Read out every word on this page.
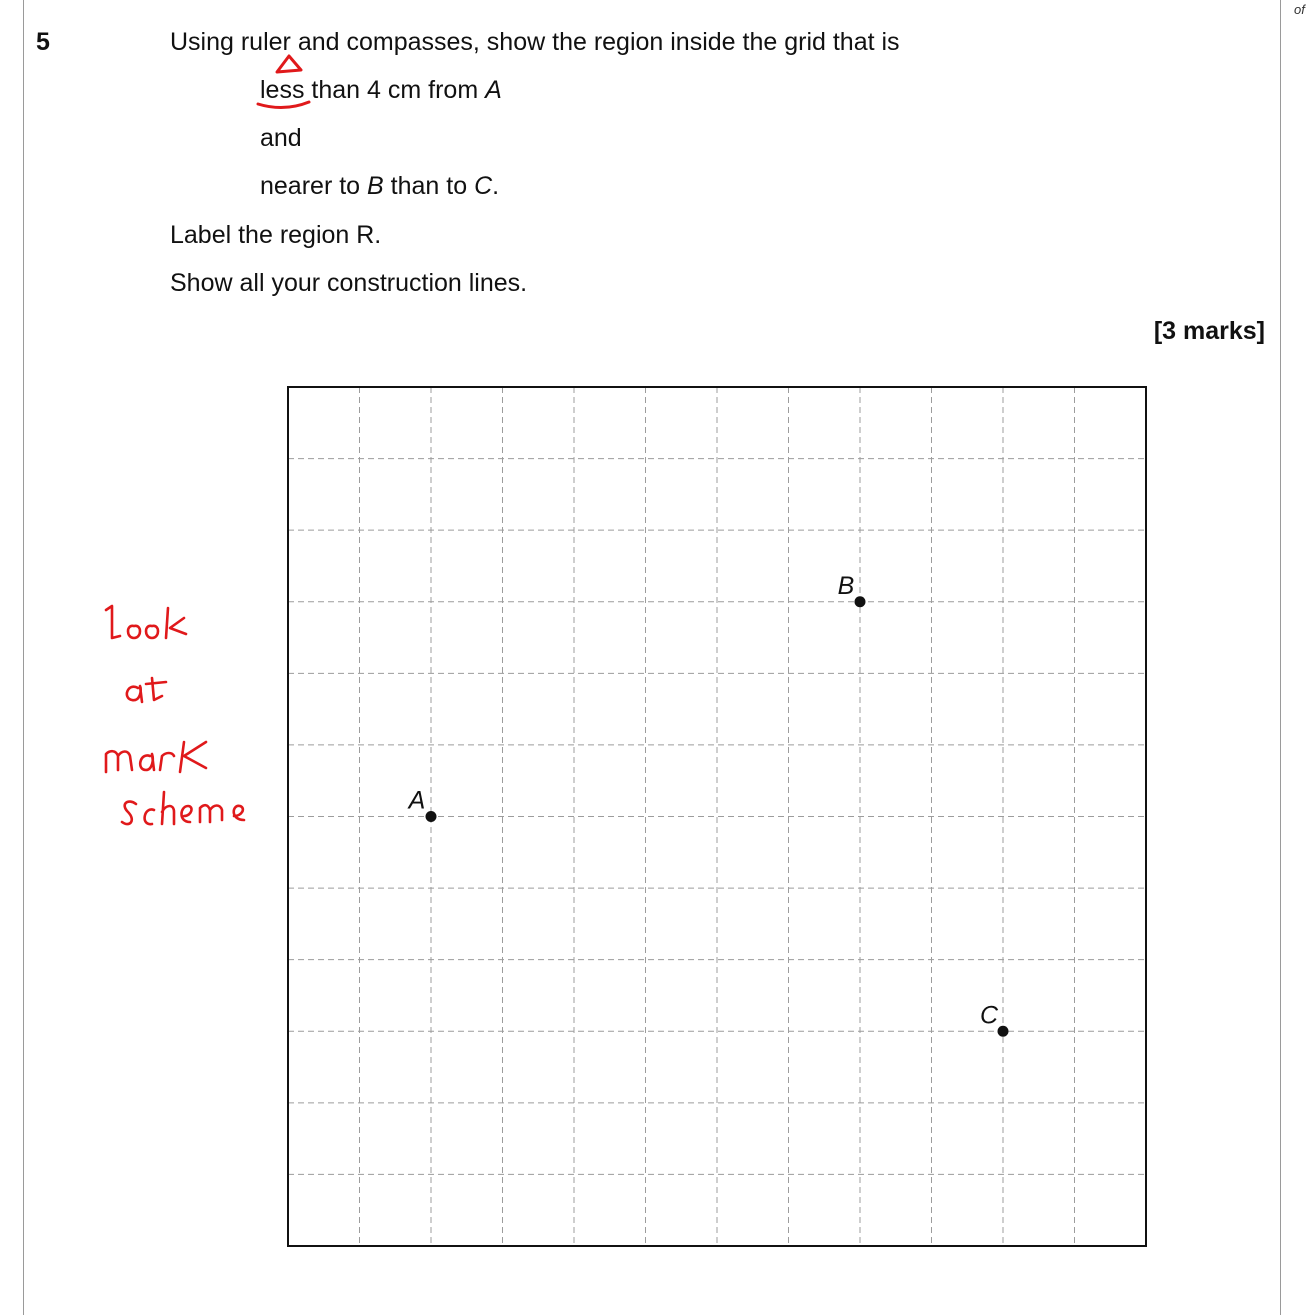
of
5	Using ruler and compasses, show the region inside the grid that is
less than 4 cm from A
and
nearer to B than to C.
Label the region R.
Show all your construction lines.
[3 marks]
A
B
C
